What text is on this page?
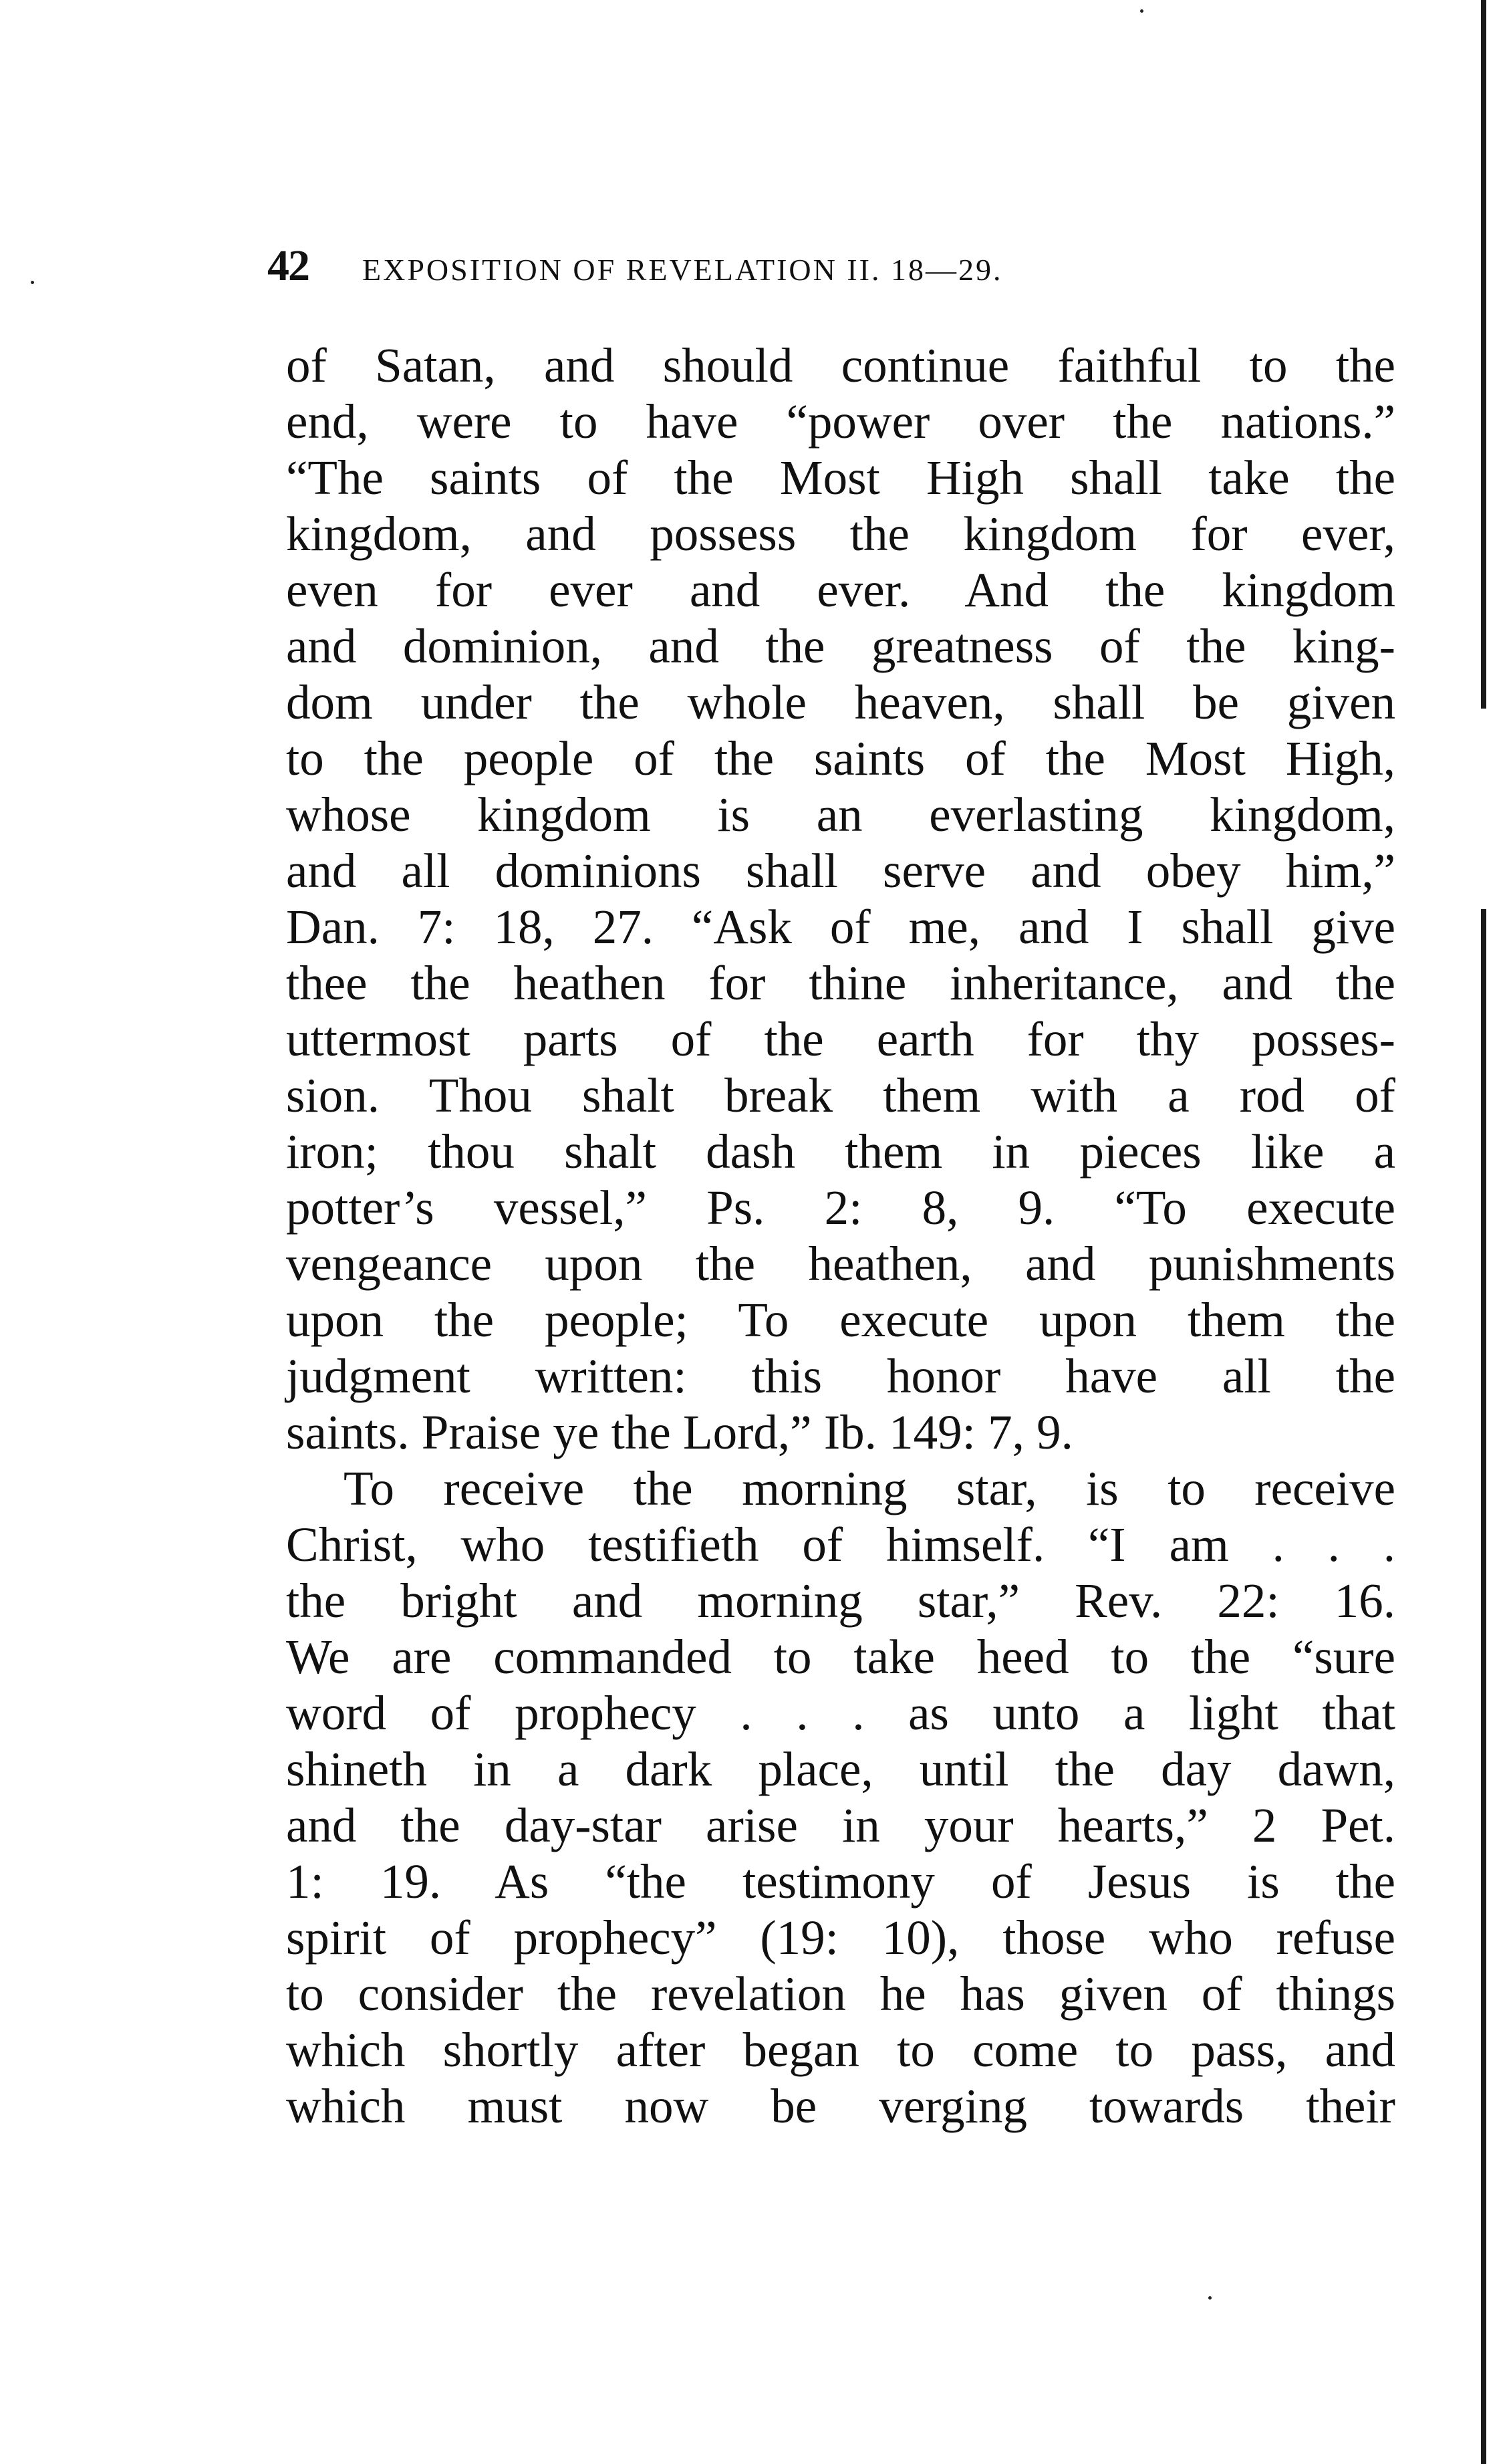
42 EXPOSITION OF REVELATION II. 18—29.
of Satan, and should continue faithful to the
end, were to have “power over the nations.”
“The saints of the Most High shall take the
kingdom, and possess the kingdom for ever,
even for ever and ever. And the kingdom
and dominion, and the greatness of the king-
dom under the whole heaven, shall be given
to the people of the saints of the Most High,
whose kingdom is an everlasting kingdom,
and all dominions shall serve and obey him,”
Dan. 7: 18, 27. “Ask of me, and I shall give
thee the heathen for thine inheritance, and the
uttermost parts of the earth for thy posses-
sion. Thou shalt break them with a rod of
iron; thou shalt dash them in pieces like a
potter’s vessel,” Ps. 2: 8, 9. “To execute
vengeance upon the heathen, and punishments
upon the people; To execute upon them the
judgment written: this honor have all the
saints. Praise ye the Lord,” Ib. 149: 7, 9.
To receive the morning star, is to receive
Christ, who testifieth of himself. “I am . . .
the bright and morning star,” Rev. 22: 16.
We are commanded to take heed to the “sure
word of prophecy . . . as unto a light that
shineth in a dark place, until the day dawn,
and the day-star arise in your hearts,” 2 Pet.
1: 19. As “the testimony of Jesus is the
spirit of prophecy” (19: 10), those who refuse
to consider the revelation he has given of things
which shortly after began to come to pass, and
which must now be verging towards their
